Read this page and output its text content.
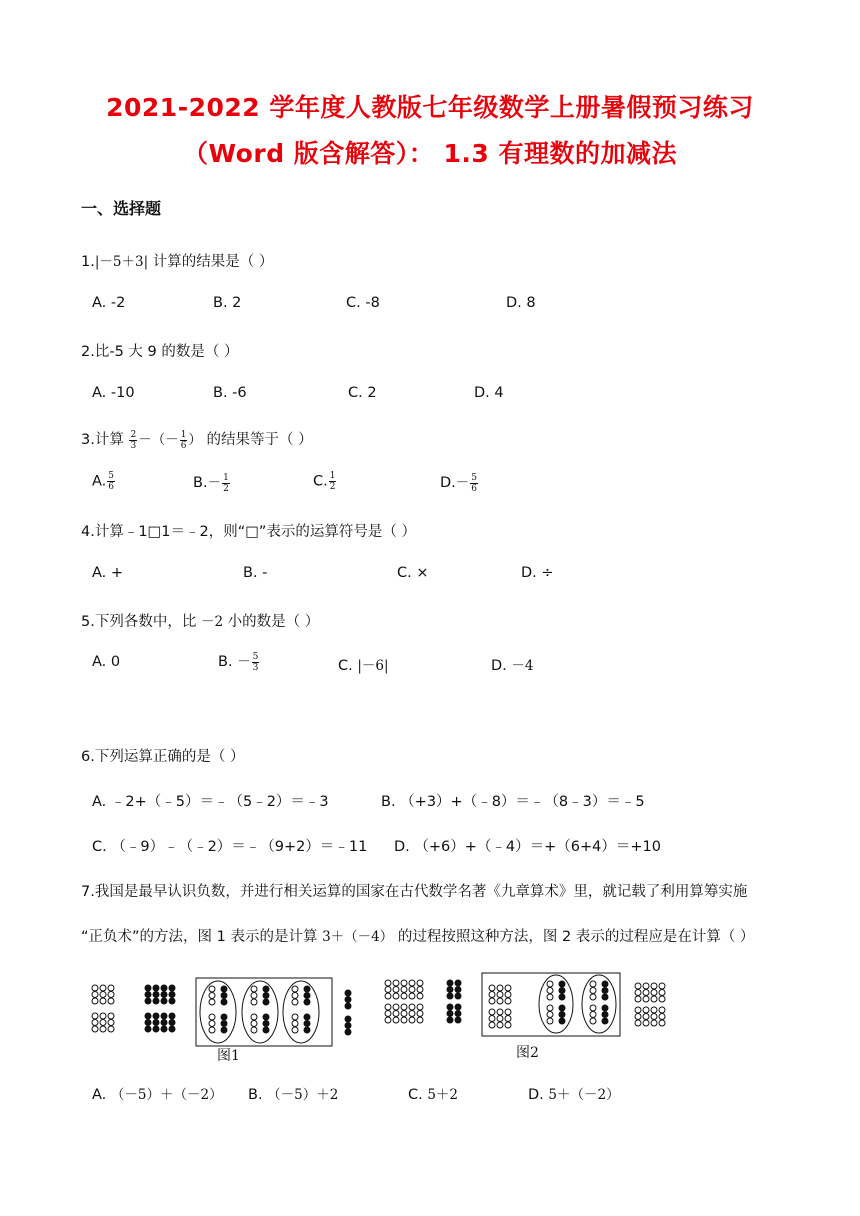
2021-2022 学年度人教版七年级数学上册暑假预习练习
（Word 版含解答）： 1.3 有理数的加减法
一、选择题
1.|－5＋3| 计算的结果是（ ）
A. -2	B. 2	C. -8	D. 8
2.比-5 大 9 的数是（ ）
A. -10	B. -6	C. 2	D. 4
3.计算 $\frac{2}{3}$ －（－ $\frac{1}{6}$ ） 的结果等于（ ）
A. $\frac{5}{6}$	$B.- \frac{1}{2}$	C. $\frac{1}{2}$	$D.- \frac{5}{6}$
4.计算﹣1□1＝﹣2，则“□”表示的运算符号是（ ）
A. +	B. -	C. ×	D. ÷
5.下列各数中，比 －2 小的数是（ ）
A. 0	B. － $\frac{5}{3}$	C. |－6|	D. －4
6.下列运算正确的是（ ）
A. ﹣2+（﹣5）＝﹣（5﹣2）＝﹣3	B. （+3）+（﹣8）＝﹣（8﹣3）＝﹣5
C. （﹣9）﹣（﹣2）＝﹣（9+2）＝﹣11 D. （+6）+（﹣4）＝+（6+4）＝+10
7.我国是最早认识负数，并进行相关运算的国家在古代数学名著《九章算术》里，就记载了利用算筹实施
“正负术”的方法，图 1 表示的是计算 3＋（－4） 的过程按照这种方法，图 2 表示的过程应是在计算（ ）
图1	图2
A. （－5）＋（－2） B. （－5）＋2	C. 5＋2	D. 5＋（－2）
